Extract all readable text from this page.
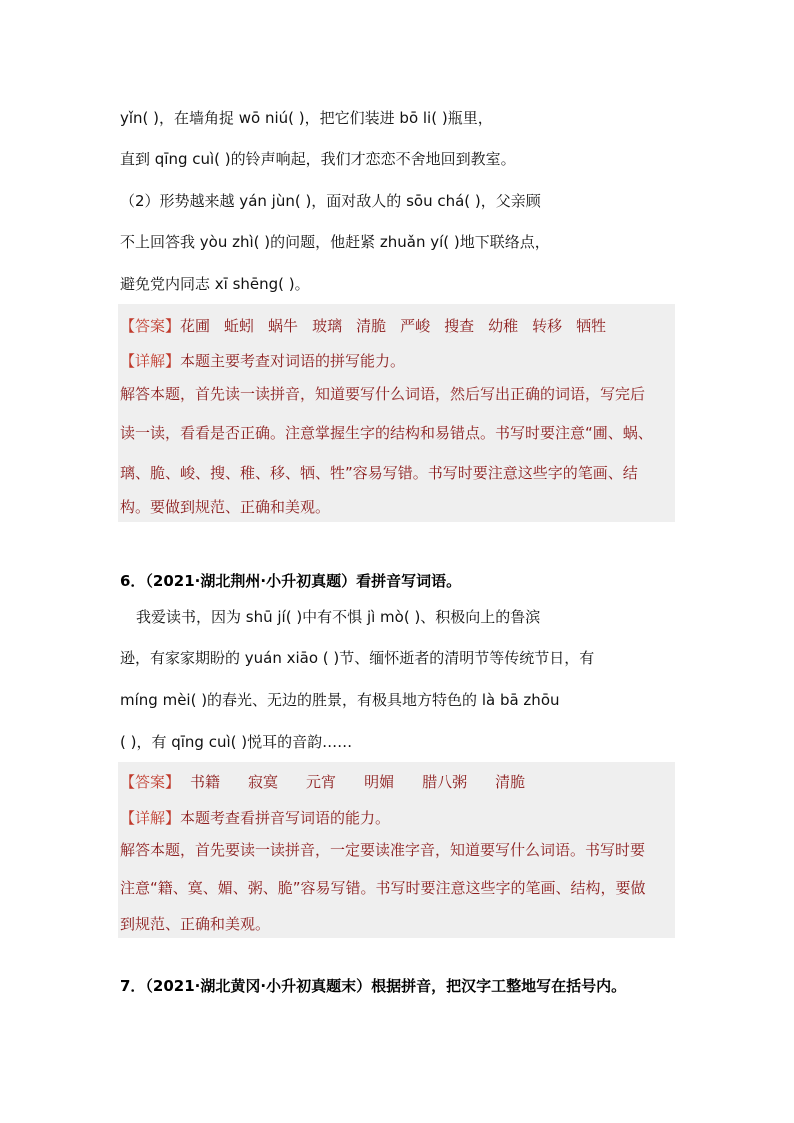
yǐn( )，在墙角捉 wō niú( )，把它们装进 bō li( )瓶里，
直到 qīng cuì( )的铃声响起，我们才恋恋不舍地回到教室。
（2）形势越来越 yán jùn( )，面对敌人的 sōu chá( )，父亲顾
不上回答我 yòu zhì( )的问题，他赶紧 zhuǎn yí( )地下联络点，
避免党内同志 xī shēng( )。
【答案】花圃 蚯蚓 蜗牛 玻璃 清脆 严峻 搜查 幼稚 转移 牺牲
【详解】本题主要考查对词语的拼写能力。
解答本题，首先读一读拼音，知道要写什么词语，然后写出正确的词语，写完后
读一读，看看是否正确。注意掌握生字的结构和易错点。书写时要注意“圃、蜗、
璃、脆、峻、搜、稚、移、牺、牲”容易写错。书写时要注意这些字的笔画、结
构。要做到规范、正确和美观。
6．（2021·湖北荆州·小升初真题）看拼音写词语。
我爱读书，因为 shū jí( )中有不惧 jì mò( )、积极向上的鲁滨
逊，有家家期盼的 yuán xiāo ( )节、缅怀逝者的清明节等传统节日，有
míng mèi( )的春光、无边的胜景，有极具地方特色的 là bā zhōu
( )，有 qīng cuì( )悦耳的音韵……
【答案】 书籍 寂寞 元宵 明媚 腊八粥 清脆
【详解】本题考查看拼音写词语的能力。
解答本题，首先要读一读拼音，一定要读准字音，知道要写什么词语。书写时要
注意“籍、寞、媚、粥、脆”容易写错。书写时要注意这些字的笔画、结构，要做
到规范、正确和美观。
7．（2021·湖北黄冈·小升初真题末）根据拼音，把汉字工整地写在括号内。
